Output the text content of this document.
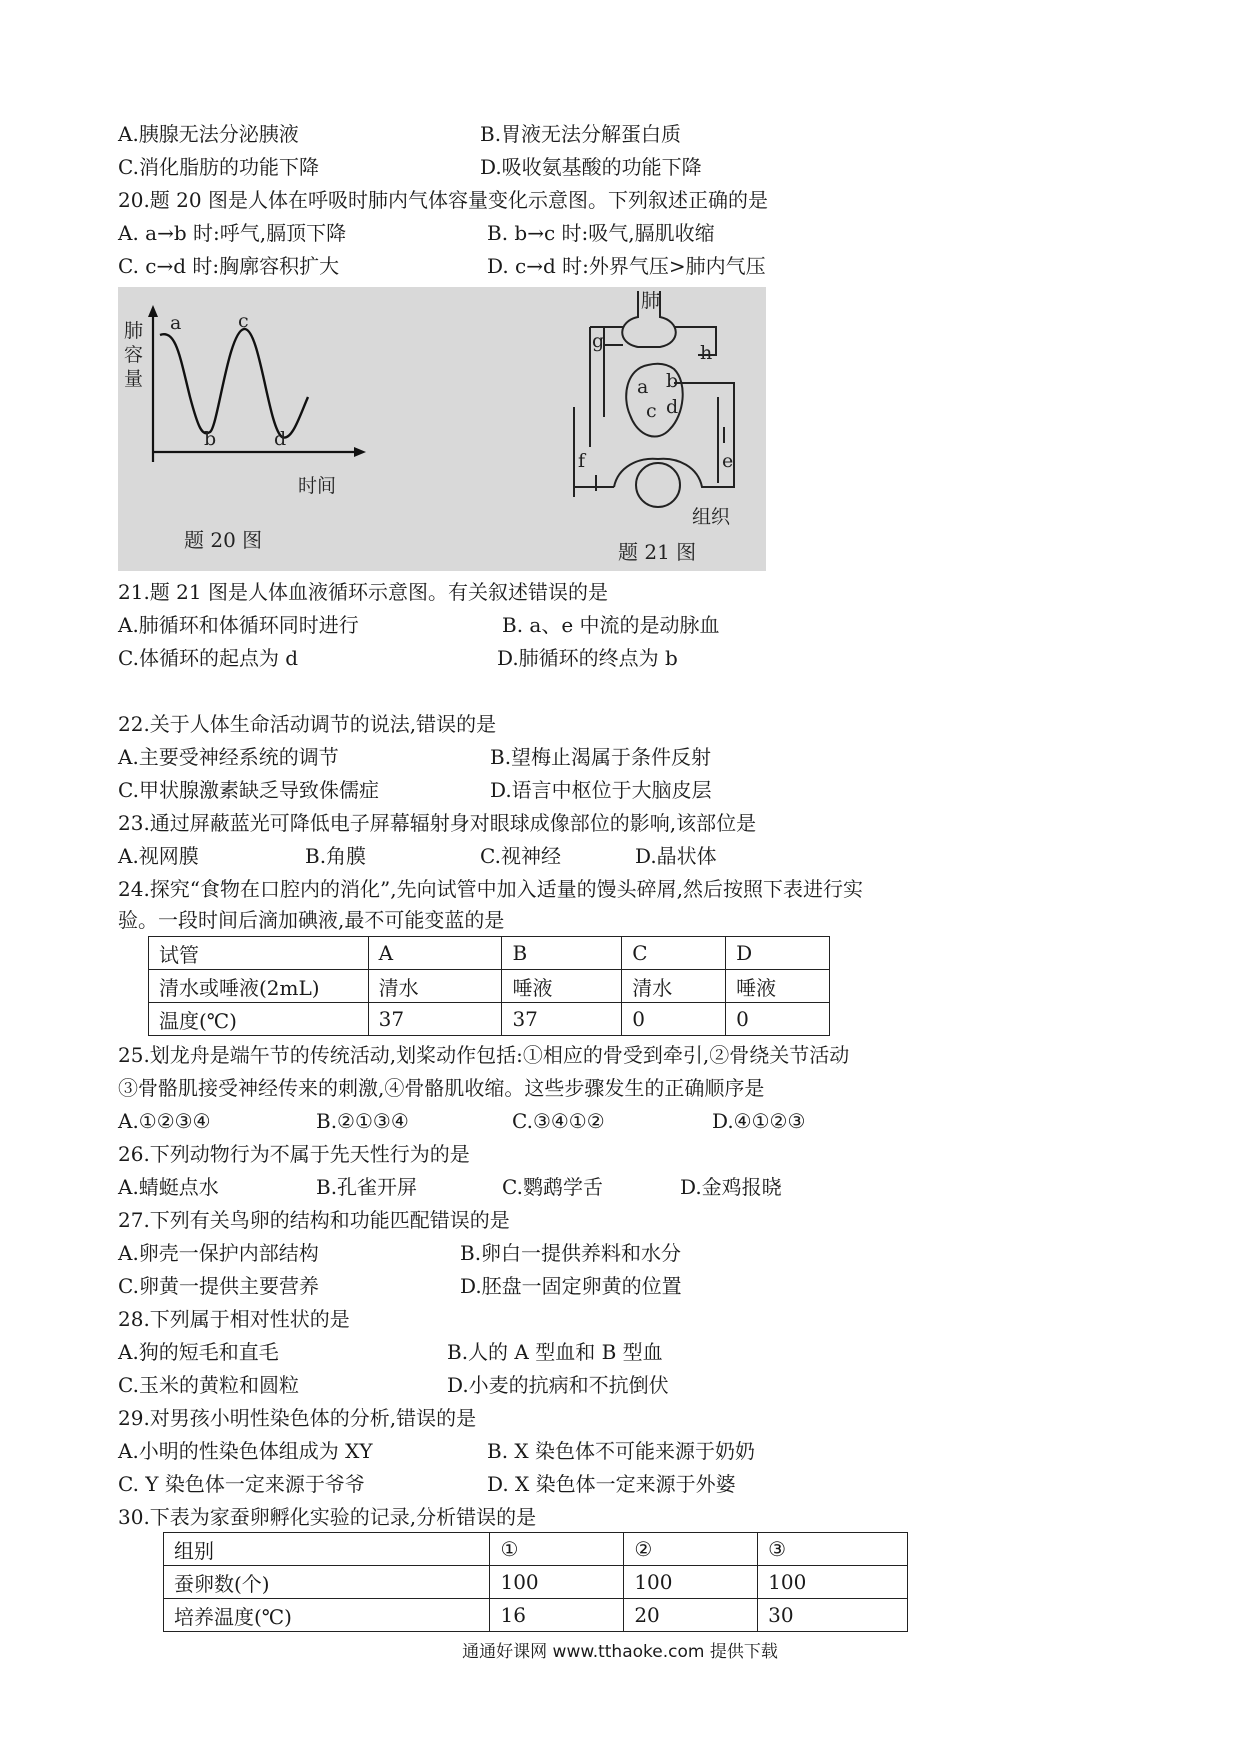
A.胰腺无法分泌胰液	B.胃液无法分解蛋白质
C.消化脂肪的功能下降	D.吸收氨基酸的功能下降
20.题 20 图是人体在呼吸时肺内气体容量变化示意图。下列叙述正确的是
A. a→b 时:呼气,膈顶下降	B. b→c 时:吸气,膈肌收缩
C. c→d 时:胸廓容积扩大	D. c→d 时:外界气压>肺内气压
肺
容
量
a
b
c
d
时间
题 20 图
肺
g
h
a b
c d
f	e
组织
题 21 图
21.题 21 图是人体血液循环示意图。有关叙述错误的是
A.肺循环和体循环同时进行	B. a、e 中流的是动脉血
C.体循环的起点为 d	D.肺循环的终点为 b
22.关于人体生命活动调节的说法,错误的是
A.主要受神经系统的调节	B.望梅止渴属于条件反射
C.甲状腺激素缺乏导致侏儒症	D.语言中枢位于大脑皮层
23.通过屏蔽蓝光可降低电子屏幕辐射身对眼球成像部位的影响,该部位是
A.视网膜	B.角膜	C.视神经	D.晶状体
24.探究“食物在口腔内的消化”,先向试管中加入适量的馒头碎屑,然后按照下表进行实
验。一段时间后滴加碘液,最不可能变蓝的是
试管	A	B	C	D
清水或唾液(2mL)	清水	唾液	清水	唾液
温度(℃)	37	37	0	0
25.划龙舟是端午节的传统活动,划桨动作包括:①相应的骨受到牵引,②骨绕关节活动
③骨骼肌接受神经传来的刺激,④骨骼肌收缩。这些步骤发生的正确顺序是
A.①②③④	B.②①③④	C.③④①②	D.④①②③
26.下列动物行为不属于先天性行为的是
A.蜻蜓点水	B.孔雀开屏	C.鹦鹉学舌	D.金鸡报晓
27.下列有关鸟卵的结构和功能匹配错误的是
A.卵壳一保护内部结构	B.卵白一提供养料和水分
C.卵黄一提供主要营养	D.胚盘一固定卵黄的位置
28.下列属于相对性状的是
A.狗的短毛和直毛	B.人的 A 型血和 B 型血
C.玉米的黄粒和圆粒	D.小麦的抗病和不抗倒伏
29.对男孩小明性染色体的分析,错误的是
A.小明的性染色体组成为 XY	B. X 染色体不可能来源于奶奶
C. Y 染色体一定来源于爷爷	D. X 染色体一定来源于外婆
30.下表为家蚕卵孵化实验的记录,分析错误的是
组别	①	②	③
蚕卵数(个)	100	100	100
培养温度(℃)	16	20	30
通通好课网 www.tthaoke.com 提供下载
